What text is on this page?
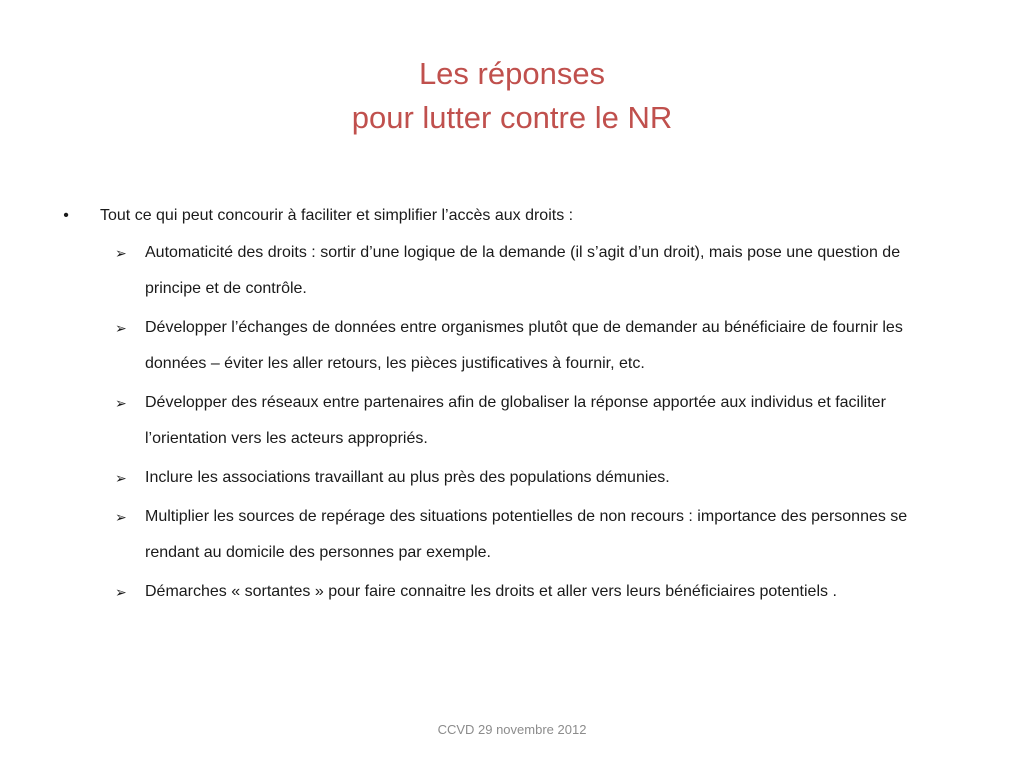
Les réponses
pour lutter contre le NR
• Tout ce qui peut concourir à faciliter et simplifier l’accès aux droits :
➢ Automaticité des droits : sortir d’une logique de la demande (il s’agit d’un droit), mais pose une question de principe et de contrôle.
➢ Développer l’échanges de données entre organismes plutôt que de demander au bénéficiaire de fournir les données – éviter les aller retours, les pièces justificatives à fournir, etc.
➢ Développer des réseaux entre partenaires afin de globaliser la réponse apportée aux individus et faciliter l’orientation vers les acteurs appropriés.
➢ Inclure les associations travaillant au plus près des populations démunies.
➢ Multiplier les sources de repérage des situations potentielles de non recours : importance des personnes se rendant au domicile des personnes par exemple.
➢ Démarches « sortantes » pour faire connaitre les droits et aller vers leurs bénéficiaires potentiels .
CCVD 29 novembre 2012
